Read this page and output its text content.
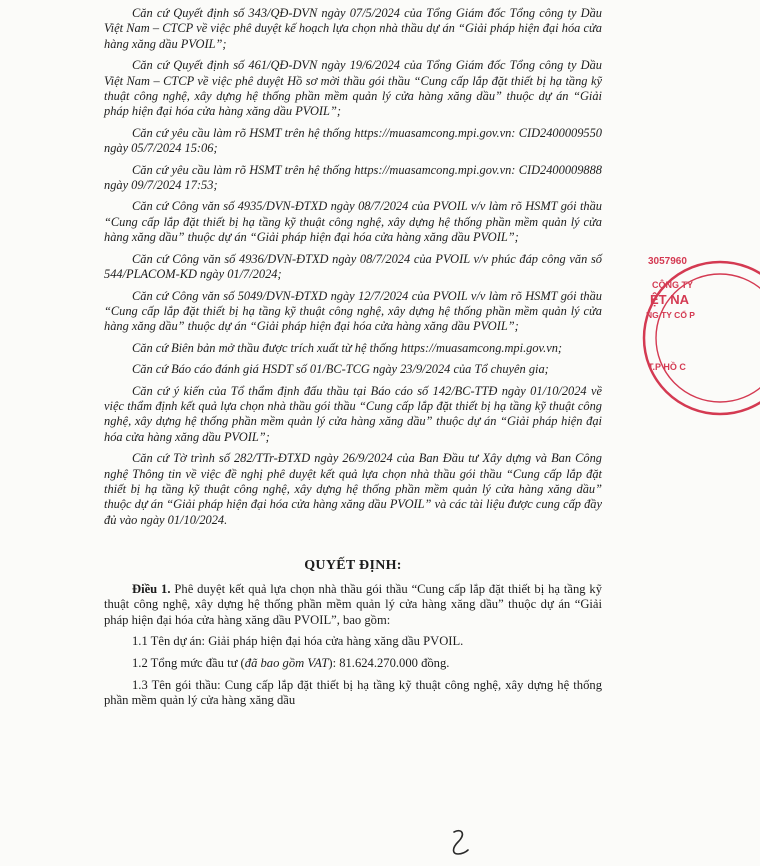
Căn cứ Quyết định số 343/QĐ-DVN ngày 07/5/2024 của Tổng Giám đốc Tổng công ty Dầu Việt Nam – CTCP về việc phê duyệt kế hoạch lựa chọn nhà thầu dự án “Giải pháp hiện đại hóa cửa hàng xăng dầu PVOIL”;

Căn cứ Quyết định số 461/QĐ-DVN ngày 19/6/2024 của Tổng Giám đốc Tổng công ty Dầu Việt Nam – CTCP về việc phê duyệt Hồ sơ mời thầu gói thầu “Cung cấp lắp đặt thiết bị hạ tầng kỹ thuật công nghệ, xây dựng hệ thống phần mềm quản lý cửa hàng xăng dầu” thuộc dự án “Giải pháp hiện đại hóa cửa hàng xăng dầu PVOIL”;

Căn cứ yêu cầu làm rõ HSMT trên hệ thống https://muasamcong.mpi.gov.vn: CID2400009550 ngày 05/7/2024 15:06;

Căn cứ yêu cầu làm rõ HSMT trên hệ thống https://muasamcong.mpi.gov.vn: CID2400009888 ngày 09/7/2024 17:53;

Căn cứ Công văn số 4935/DVN-ĐTXD ngày 08/7/2024 của PVOIL v/v làm rõ HSMT gói thầu “Cung cấp lắp đặt thiết bị hạ tầng kỹ thuật công nghệ, xây dựng hệ thống phần mềm quản lý cửa hàng xăng dầu” thuộc dự án “Giải pháp hiện đại hóa cửa hàng xăng dầu PVOIL”;

Căn cứ Công văn số 4936/DVN-ĐTXD ngày 08/7/2024 của PVOIL v/v phúc đáp công văn số 544/PLACOM-KD ngày 01/7/2024;

Căn cứ Công văn số 5049/DVN-ĐTXD ngày 12/7/2024 của PVOIL v/v làm rõ HSMT gói thầu “Cung cấp lắp đặt thiết bị hạ tầng kỹ thuật công nghệ, xây dựng hệ thống phần mềm quản lý cửa hàng xăng dầu” thuộc dự án “Giải pháp hiện đại hóa cửa hàng xăng dầu PVOIL”;

Căn cứ Biên bản mở thầu được trích xuất từ hệ thống https://muasamcong.mpi.gov.vn;

Căn cứ Báo cáo đánh giá HSDT số 01/BC-TCG ngày 23/9/2024 của Tổ chuyên gia;

Căn cứ ý kiến của Tổ thẩm định đấu thầu tại Báo cáo số 142/BC-TTĐ ngày 01/10/2024 về việc thẩm định kết quả lựa chọn nhà thầu gói thầu “Cung cấp lắp đặt thiết bị hạ tầng kỹ thuật công nghệ, xây dựng hệ thống phần mềm quản lý cửa hàng xăng dầu” thuộc dự án “Giải pháp hiện đại hóa cửa hàng xăng dầu PVOIL”;

Căn cứ Tờ trình số 282/TTr-ĐTXD ngày 26/9/2024 của Ban Đầu tư Xây dựng và Ban Công nghệ Thông tin về việc đề nghị phê duyệt kết quả lựa chọn nhà thầu gói thầu “Cung cấp lắp đặt thiết bị hạ tầng kỹ thuật công nghệ, xây dựng hệ thống phần mềm quản lý cửa hàng xăng dầu” thuộc dự án “Giải pháp hiện đại hóa cửa hàng xăng dầu PVOIL” và các tài liệu được cung cấp đầy đủ vào ngày 01/10/2024.

QUYẾT ĐỊNH:

Điều 1. Phê duyệt kết quả lựa chọn nhà thầu gói thầu “Cung cấp lắp đặt thiết bị hạ tầng kỹ thuật công nghệ, xây dựng hệ thống phần mềm quản lý cửa hàng xăng dầu” thuộc dự án “Giải pháp hiện đại hóa cửa hàng xăng dầu PVOIL”, bao gồm:

1.1 Tên dự án: Giải pháp hiện đại hóa cửa hàng xăng dầu PVOIL.

1.2 Tổng mức đầu tư (đã bao gồm VAT): 81.624.270.000 đồng.

1.3 Tên gói thầu: Cung cấp lắp đặt thiết bị hạ tầng kỹ thuật công nghệ, xây dựng hệ thống phần mềm quản lý cửa hàng xăng dầu

3057960
CÔNG TY
ỆT NA
NG TY CỔ P
T.P HỒ C
